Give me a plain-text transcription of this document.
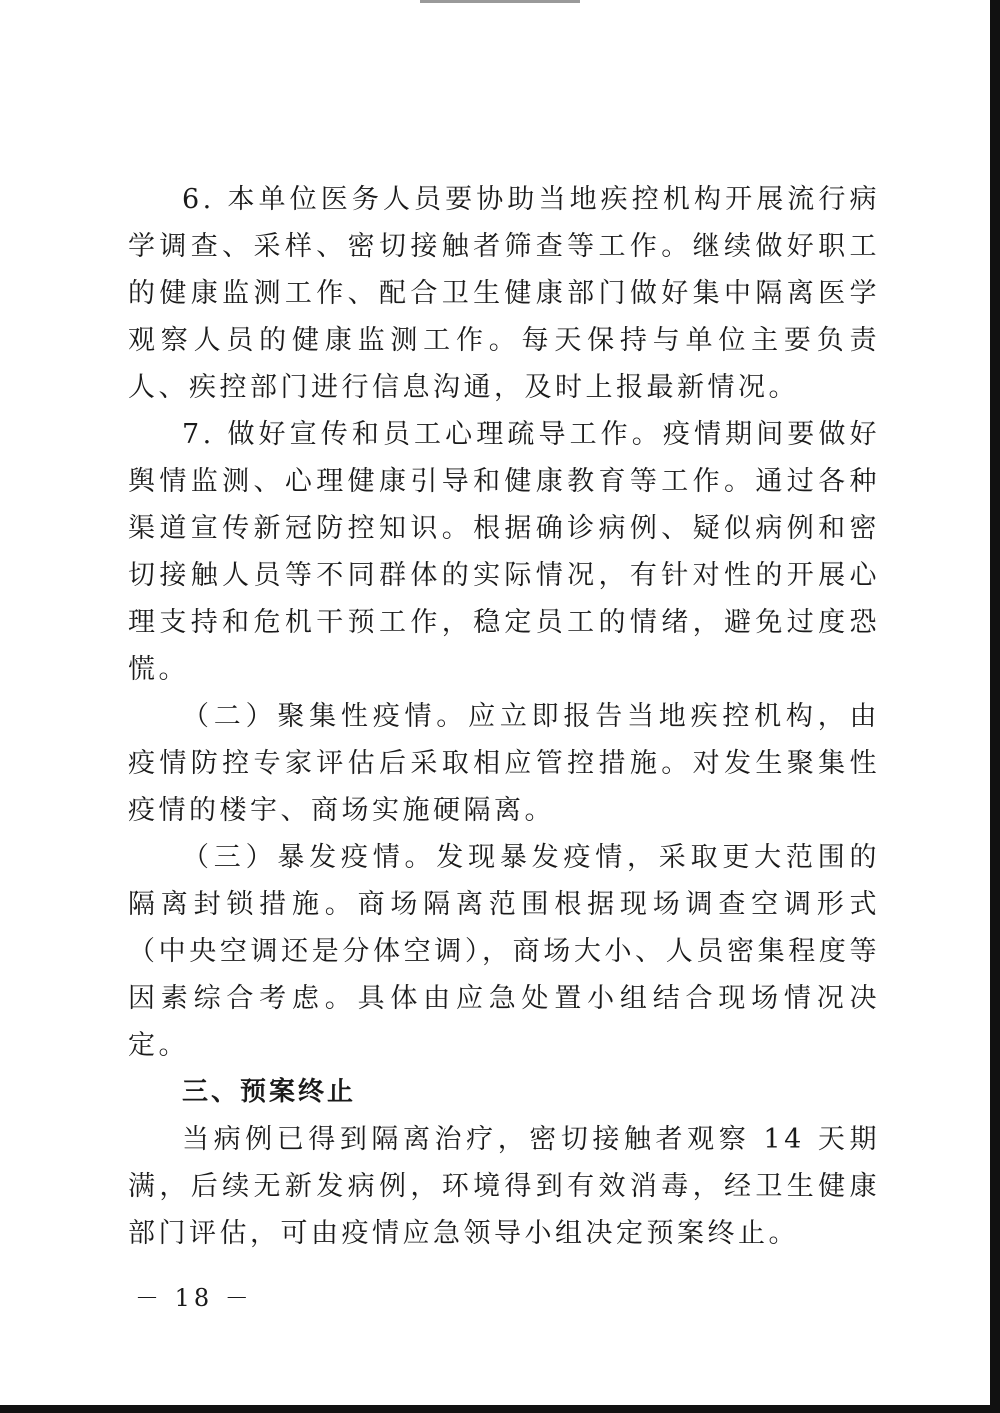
6. 本单位医务人员要协助当地疾控机构开展流行病学调查、采样、密切接触者筛查等工作。继续做好职工的健康监测工作、配合卫生健康部门做好集中隔离医学观察人员的健康监测工作。每天保持与单位主要负责人、疾控部门进行信息沟通，及时上报最新情况。

7. 做好宣传和员工心理疏导工作。疫情期间要做好舆情监测、心理健康引导和健康教育等工作。通过各种渠道宣传新冠防控知识。根据确诊病例、疑似病例和密切接触人员等不同群体的实际情况，有针对性的开展心理支持和危机干预工作，稳定员工的情绪，避免过度恐慌。

（二）聚集性疫情。应立即报告当地疾控机构，由疫情防控专家评估后采取相应管控措施。对发生聚集性疫情的楼宇、商场实施硬隔离。

（三）暴发疫情。发现暴发疫情，采取更大范围的隔离封锁措施。商场隔离范围根据现场调查空调形式（中央空调还是分体空调），商场大小、人员密集程度等因素综合考虑。具体由应急处置小组结合现场情况决定。

三、预案终止

当病例已得到隔离治疗，密切接触者观察 14 天期满，后续无新发病例，环境得到有效消毒，经卫生健康部门评估，可由疫情应急领导小组决定预案终止。

－ 18 －
